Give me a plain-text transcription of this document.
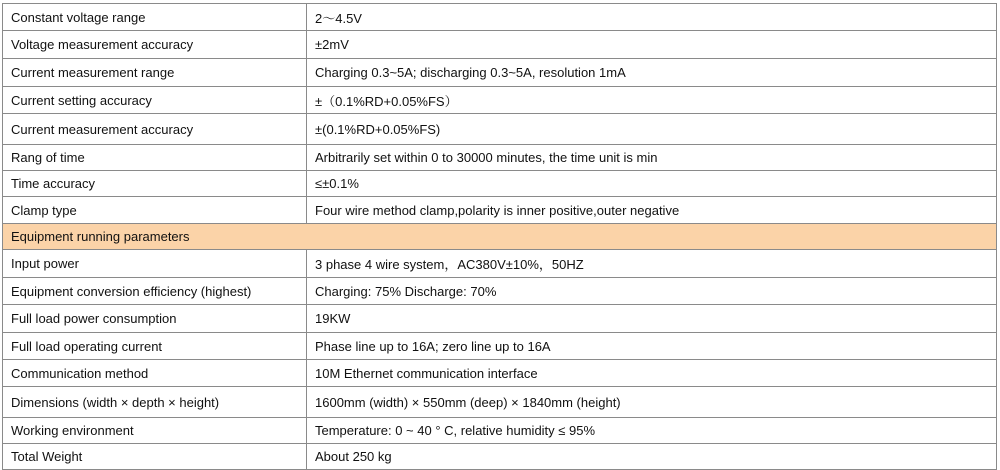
Constant voltage range	2～4.5V
Voltage measurement accuracy	±2mV
Current measurement range	Charging 0.3~5A; discharging 0.3~5A, resolution 1mA
Current setting accuracy	±（0.1%RD+0.05%FS）
Current measurement accuracy	±(0.1%RD+0.05%FS)
Rang of time	Arbitrarily set within 0 to 30000 minutes, the time unit is min
Time accuracy	≤±0.1%
Clamp type	Four wire method clamp,polarity is inner positive,outer negative
Equipment running parameters	
Input power	3 phase 4 wire system，AC380V±10%，50HZ
Equipment conversion efficiency (highest)	Charging: 75% Discharge: 70%
Full load power consumption	19KW
Full load operating current	Phase line up to 16A; zero line up to 16A
Communication method	10M Ethernet communication interface
Dimensions (width × depth × height)	1600mm (width) × 550mm (deep) × 1840mm (height)
Working environment	Temperature: 0 ~ 40 ° C, relative humidity ≤ 95%
Total Weight	About 250 kg
